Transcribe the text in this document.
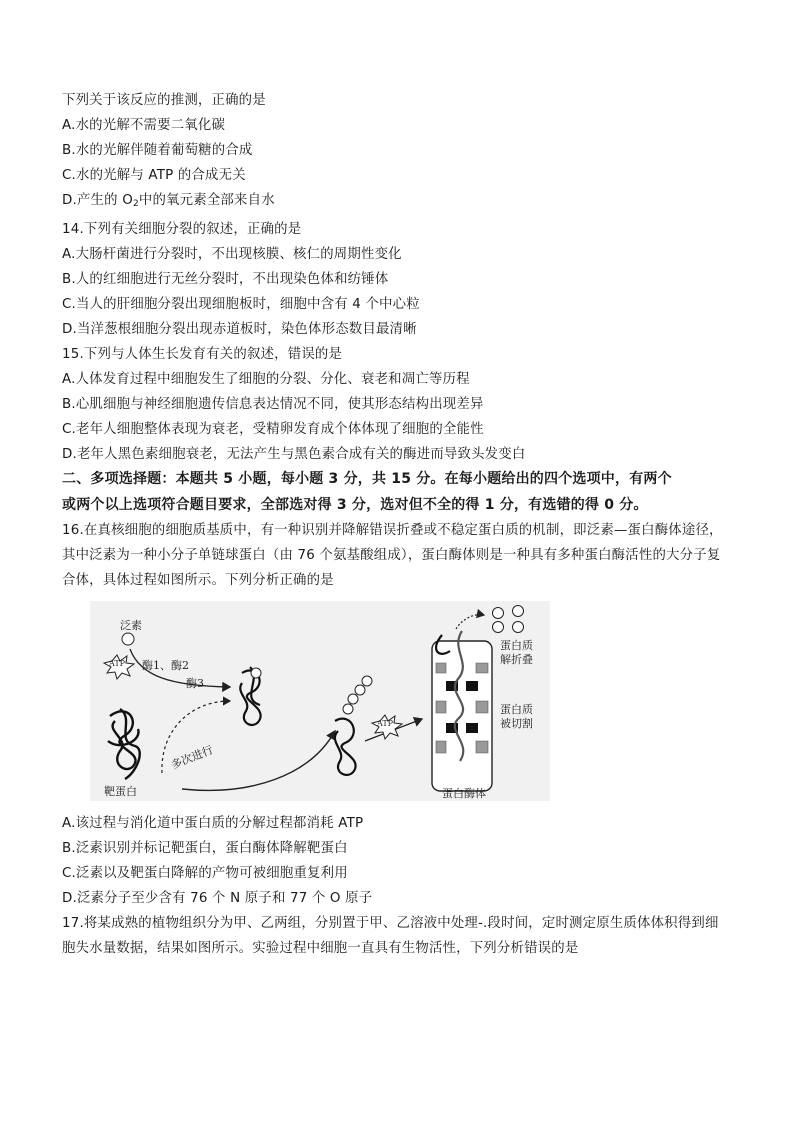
下列关于该反应的推测，正确的是
A.水的光解不需要二氧化碳
B.水的光解伴随着葡萄糖的合成
C.水的光解与 ATP 的合成无关
D.产生的 $O_2$中的氧元素全部来自水
14.下列有关细胞分裂的叙述，正确的是
A.大肠杆菌进行分裂时，不出现核膜、核仁的周期性变化
B.人的红细胞进行无丝分裂时，不出现染色体和纺锤体
C.当人的肝细胞分裂出现细胞板时，细胞中含有 4 个中心粒
D.当洋葱根细胞分裂出现赤道板时，染色体形态数目最清晰
15.下列与人体生长发育有关的叙述，错误的是
A.人体发育过程中细胞发生了细胞的分裂、分化、衰老和凋亡等历程
B.心肌细胞与神经细胞遗传信息表达情况不同，使其形态结构出现差异
C.老年人细胞整体表现为衰老，受精卵发育成个体体现了细胞的全能性
D.老年人黑色素细胞衰老，无法产生与黑色素合成有关的酶进而导致头发变白
二、多项选择题：本题共 5 小题，每小题 3 分，共 15 分。在每小题给出的四个选项中，有两个
或两个以上选项符合题目要求，全部选对得 3 分，选对但不全的得 1 分，有选错的得 0 分。
16.在真核细胞的细胞质基质中，有一种识别并降解错误折叠或不稳定蛋白质的机制，即泛素—蛋白酶体途径，
其中泛素为一种小分子单链球蛋白（由 76 个氨基酸组成），蛋白酶体则是一种具有多种蛋白酶活性的大分子复
合体，具体过程如图所示。下列分析正确的是
泛素
ATP 酶1、酶2
酶3
多次进行
靶蛋白
ATP
蛋白质
解折叠
蛋白质
被切割
蛋白酶体
A.该过程与消化道中蛋白质的分解过程都消耗 ATP
B.泛素识别并标记靶蛋白，蛋白酶体降解靶蛋白
C.泛素以及靶蛋白降解的产物可被细胞重复利用
D.泛素分子至少含有 76 个 N 原子和 77 个 O 原子
17.将某成熟的植物组织分为甲、乙两组，分别置于甲、乙溶液中处理-.段时间，定时测定原生质体体积得到细
胞失水量数据，结果如图所示。实验过程中细胞一直具有生物活性，下列分析错误的是
